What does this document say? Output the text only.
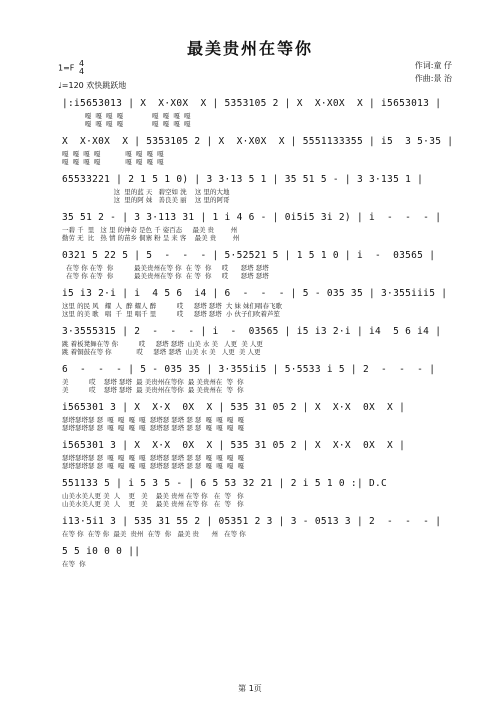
最美贵州在等你
1=F 4
4
♩=120 欢快跳跃地
作词:童 仔
作曲:景 治
|:i5653013 | X  X·X0X  X | 5353105 2 | X  X·X0X  X | i5653013 |
嘎  嘎  嘎  嘎              嘎  嘎  嘎  嘎
嘎  嘎  嘎  嘎              嘎  嘎  嘎  嘎
X  X·X0X  X | 5353105 2 | X  X·X0X  X | 5551133355 | i5  3 5·35 |
嘎  嘎  嘎  嘎            嘎  嘎  嘎  嘎
嘎  嘎  嘎  嘎            嘎  嘎  嘎  嘎
65533221 | 2 1 5 1 0) | 3 3·13 5 1 | 35 51 5 - | 3 3·135 1 |
这  里的蓝 天   碧空如 洗    这 里的大地
这  里的阿 妹   善良美 丽    这 里的阿哥
35 51 2 - | 3 3·113 31 | 1 i 4 6 - | 0i5i5 3i 2) | i  -  -  - |
一碧 千  里   这 里 的神奇 是色 千 姿百态     最美 贵        州
勤劳 无  比   热 情 的苗乡 侗寨 粉 呈 来 客    最美 贵        州
0321 5 22 5 | 5  -  -  - | 5·52521 5 | 1 5 1 0 | i  -  03565 |
在等 你 在等  你          最美贵州在等 你  在 等  你     哎      瑟塔 瑟塔
在等 你 在等  你          最美贵州在等 你  在 等  你     哎      瑟塔 瑟塔
i5 i3 2·i | i  4 5 6  i4 | 6  -  -  - | 5 - 035 35 | 3·355iii5 |
这里 的民 风   耀  人  醉 耀人 醉          哎     瑟塔 瑟塔  大 妹 妹们唱春飞歌
这里 的美 歌   唱  千  里 唱千 里          哎     瑟塔 瑟塔  小 伙子们吹着芦笙
3·3555315 | 2  -  -  - | i  -  03565 | i5 i3 2·i | i4  5 6 i4 |
跳 着板凳舞在等 你          哎     瑟塔 瑟塔  山美 水 美   人更  美 人更
跳 着铜鼓在等 你            哎     瑟塔 瑟塔  山美 水 美   人更  美 人更
6  -  -  - | 5 - 035 35 | 3·355ii5 | 5·5533 i 5 | 2  -  -  - |
美          哎    瑟塔 瑟塔  最 美贵州在等你  最 美贵州在  等  你
美          哎    瑟塔 瑟塔  最 美贵州在等你  最 美贵州在  等  你
i565301 3 | X  X·X  0X  X | 535 31 05 2 | X  X·X  0X  X |
瑟塔瑟塔瑟 瑟  嘎  嘎  嘎  嘎  瑟塔瑟 瑟塔 瑟 瑟  嘎  嘎  嘎  嘎
瑟塔瑟塔瑟 瑟  嘎  嘎  嘎  嘎  瑟塔瑟 瑟塔 瑟 瑟  嘎  嘎  嘎  嘎
i565301 3 | X  X·X  0X  X | 535 31 05 2 | X  X·X  0X  X |
瑟塔瑟塔瑟 瑟  嘎  嘎  嘎  嘎  瑟塔瑟 瑟塔 瑟 瑟  嘎  嘎  嘎  嘎
瑟塔瑟塔瑟 瑟  嘎  嘎  嘎  嘎  瑟塔瑟 瑟塔 瑟 瑟  嘎  嘎  嘎  嘎
551133 5 | i 5 3 5 - | 6 5 53 32 21 | 2 i 5 1 0 :| D.C
山美水美人更 美  人    更   美    最美 贵州 在等 你   在  等   你
山美水美人更 美  人    更   美    最美 贵州 在等 你   在  等   你
i13·5i1 3 | 535 31 55 2 | 05351 2 3 | 3 - 0513 3 | 2  -  -  - |
在等 你  在等 你  最美  贵州  在等  你   最美 贵      州   在等 你
5 5 i0 0 0 ||
在等  你
第 1页
